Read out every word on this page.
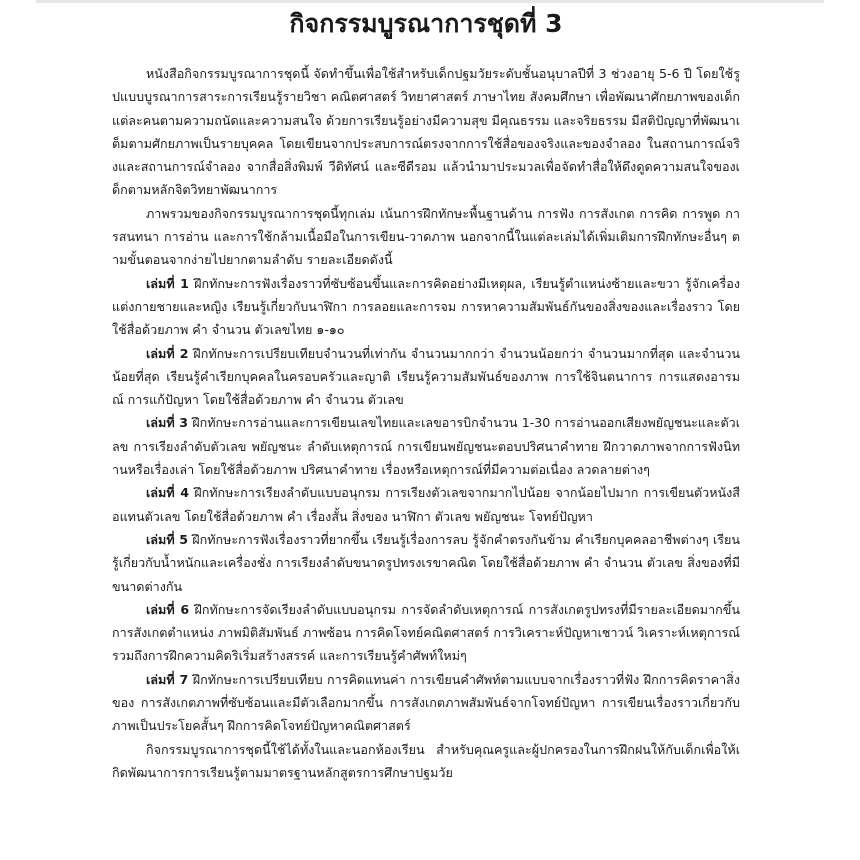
กิจกรรมบูรณาการชุดที่ 3

หนังสือกิจกรรมบูรณาการชุดนี้ จัดทำขึ้นเพื่อใช้สำหรับเด็กปฐมวัยระดับชั้นอนุบาลปีที่ 3 ช่วงอายุ 5-6 ปี โดยใช้รูปแบบบูรณาการสาระการเรียนรู้รายวิชา คณิตศาสตร์ วิทยาศาสตร์ ภาษาไทย สังคมศึกษา เพื่อพัฒนาศักยภาพของเด็กแต่ละคนตามความถนัดและความสนใจ ด้วยการเรียนรู้อย่างมีความสุข มีคุณธรรม และจริยธรรม มีสติปัญญาที่พัฒนาเต็มตามศักยภาพเป็นรายบุคคล โดยเขียนจากประสบการณ์ตรงจากการใช้สื่อของจริงและของจำลอง ในสถานการณ์จริงและสถานการณ์จำลอง จากสื่อสิ่งพิมพ์ วีดิทัศน์ และซีดีรอม แล้วนำมาประมวลเพื่อจัดทำสื่อให้ดึงดูดความสนใจของเด็กตามหลักจิตวิทยาพัฒนาการ

ภาพรวมของกิจกรรมบูรณาการชุดนี้ทุกเล่ม เน้นการฝึกทักษะพื้นฐานด้าน การฟัง การสังเกต การคิด การพูด การสนทนา การอ่าน และการใช้กล้ามเนื้อมือในการเขียน-วาดภาพ นอกจากนี้ในแต่ละเล่มได้เพิ่มเติมการฝึกทักษะอื่นๆ ตามขั้นตอนจากง่ายไปยากตามลำดับ รายละเอียดดังนี้

เล่มที่ 1 ฝึกทักษะการฟังเรื่องราวที่ซับซ้อนขึ้นและการคิดอย่างมีเหตุผล, เรียนรู้ตำแหน่งซ้ายและขวา รู้จักเครื่องแต่งกายชายและหญิง เรียนรู้เกี่ยวกับนาฬิกา การลอยและการจม การหาความสัมพันธ์กันของสิ่งของและเรื่องราว โดยใช้สื่อด้วยภาพ คำ จำนวน ตัวเลขไทย ๑-๑๐

เล่มที่ 2 ฝึกทักษะการเปรียบเทียบจำนวนที่เท่ากัน จำนวนมากกว่า จำนวนน้อยกว่า จำนวนมากที่สุด และจำนวนน้อยที่สุด เรียนรู้คำเรียกบุคคลในครอบครัวและญาติ เรียนรู้ความสัมพันธ์ของภาพ การใช้จินตนาการ การแสดงอารมณ์ การแก้ปัญหา โดยใช้สื่อด้วยภาพ คำ จำนวน ตัวเลข

เล่มที่ 3 ฝึกทักษะการอ่านและการเขียนเลขไทยและเลขอารบิกจำนวน 1-30 การอ่านออกเสียงพยัญชนะและตัวเลข การเรียงลำดับตัวเลข พยัญชนะ ลำดับเหตุการณ์ การเขียนพยัญชนะตอบปริศนาคำทาย ฝึกวาดภาพจากการฟังนิทานหรือเรื่องเล่า โดยใช้สื่อด้วยภาพ ปริศนาคำทาย เรื่องหรือเหตุการณ์ที่มีความต่อเนื่อง ลวดลายต่างๆ

เล่มที่ 4 ฝึกทักษะการเรียงลำดับแบบอนุกรม การเรียงตัวเลขจากมากไปน้อย จากน้อยไปมาก การเขียนตัวหนังสือแทนตัวเลข โดยใช้สื่อด้วยภาพ คำ เรื่องสั้น สิ่งของ นาฬิกา ตัวเลข พยัญชนะ โจทย์ปัญหา

เล่มที่ 5 ฝึกทักษะการฟังเรื่องราวที่ยากขึ้น เรียนรู้เรื่องการลบ รู้จักคำตรงกันข้าม คำเรียกบุคคลอาชีพต่างๆ เรียนรู้เกี่ยวกับน้ำหนักและเครื่องชั่ง การเรียงลำดับขนาดรูปทรงเรขาคณิต โดยใช้สื่อด้วยภาพ คำ จำนวน ตัวเลข สิ่งของที่มีขนาดต่างกัน

เล่มที่ 6 ฝึกทักษะการจัดเรียงลำดับแบบอนุกรม การจัดลำดับเหตุการณ์ การสังเกตรูปทรงที่มีรายละเอียดมากขึ้น การสังเกตตำแหน่ง ภาพมิติสัมพันธ์ ภาพซ้อน การคิดโจทย์คณิตศาสตร์ การวิเคราะห์ปัญหาเชาวน์ วิเคราะห์เหตุการณ์ รวมถึงการฝึกความคิดริเริ่มสร้างสรรค์ และการเรียนรู้คำศัพท์ใหม่ๆ

เล่มที่ 7 ฝึกทักษะการเปรียบเทียบ การคิดแทนค่า การเขียนคำศัพท์ตามแบบจากเรื่องราวที่ฟัง ฝึกการคิดราคาสิ่งของ การสังเกตภาพที่ซับซ้อนและมีตัวเลือกมากขึ้น การสังเกตภาพสัมพันธ์จากโจทย์ปัญหา การเขียนเรื่องราวเกี่ยวกับภาพเป็นประโยคสั้นๆ ฝึกการคิดโจทย์ปัญหาคณิตศาสตร์

กิจกรรมบูรณาการชุดนี้ใช้ได้ทั้งในและนอกห้องเรียน สำหรับคุณครูและผู้ปกครองในการฝึกฝนให้กับเด็กเพื่อให้เกิดพัฒนาการการเรียนรู้ตามมาตรฐานหลักสูตรการศึกษาปฐมวัย
